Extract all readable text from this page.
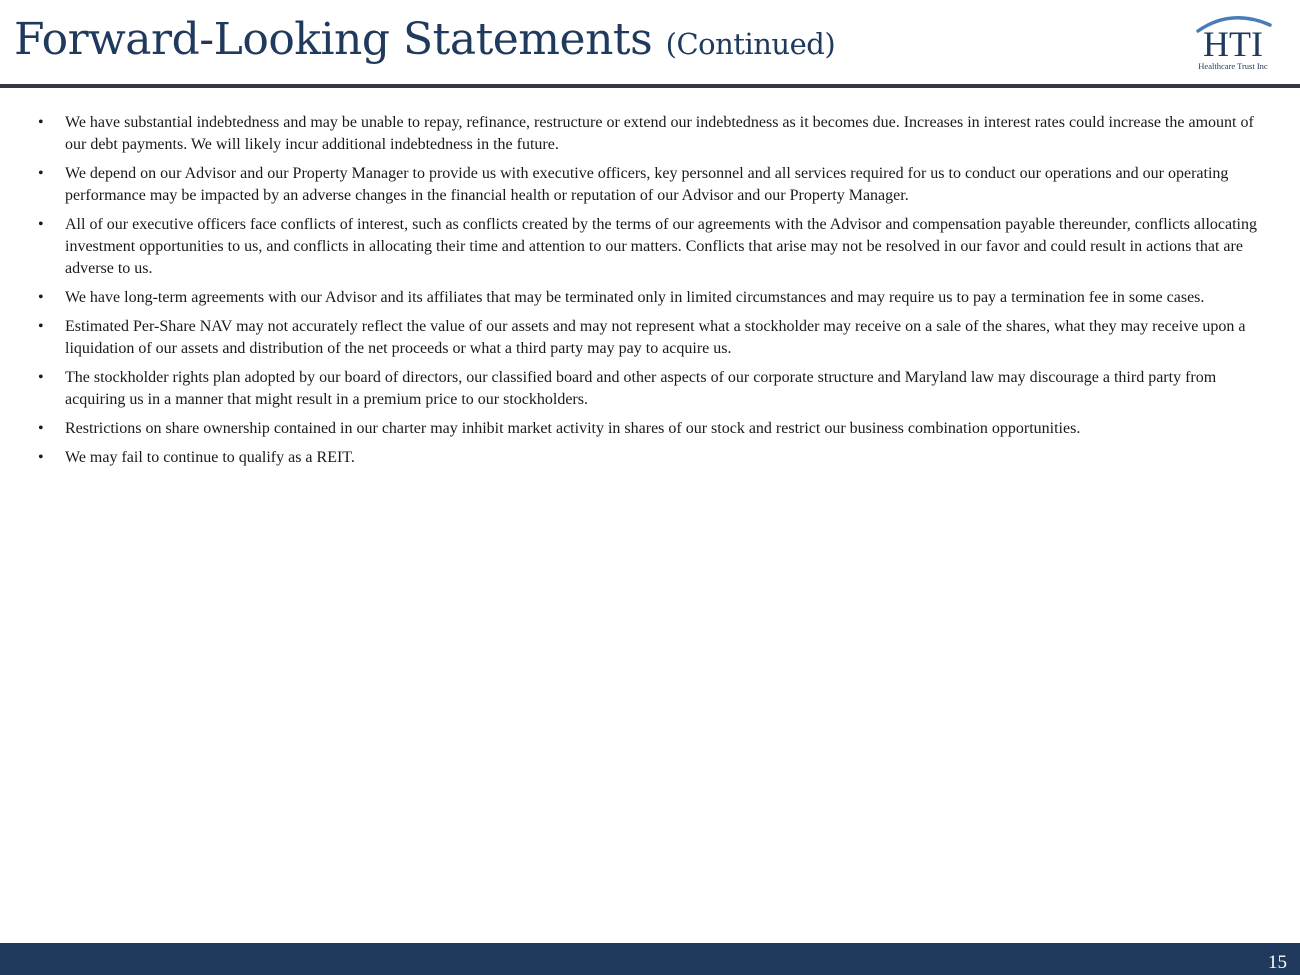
Forward-Looking Statements (Continued)	HTI
Healthcare Trust Inc
• We have substantial indebtedness and may be unable to repay, refinance, restructure or extend our indebtedness as it becomes due. Increases in interest rates could increase the amount of our debt payments. We will likely incur additional indebtedness in the future.
• We depend on our Advisor and our Property Manager to provide us with executive officers, key personnel and all services required for us to conduct our operations and our operating performance may be impacted by an adverse changes in the financial health or reputation of our Advisor and our Property Manager.
• All of our executive officers face conflicts of interest, such as conflicts created by the terms of our agreements with the Advisor and compensation payable thereunder, conflicts allocating investment opportunities to us, and conflicts in allocating their time and attention to our matters. Conflicts that arise may not be resolved in our favor and could result in actions that are adverse to us.
• We have long-term agreements with our Advisor and its affiliates that may be terminated only in limited circumstances and may require us to pay a termination fee in some cases.
• Estimated Per-Share NAV may not accurately reflect the value of our assets and may not represent what a stockholder may receive on a sale of the shares, what they may receive upon a liquidation of our assets and distribution of the net proceeds or what a third party may pay to acquire us.
• The stockholder rights plan adopted by our board of directors, our classified board and other aspects of our corporate structure and Maryland law may discourage a third party from acquiring us in a manner that might result in a premium price to our stockholders.
• Restrictions on share ownership contained in our charter may inhibit market activity in shares of our stock and restrict our business combination opportunities.
• We may fail to continue to qualify as a REIT.
15
